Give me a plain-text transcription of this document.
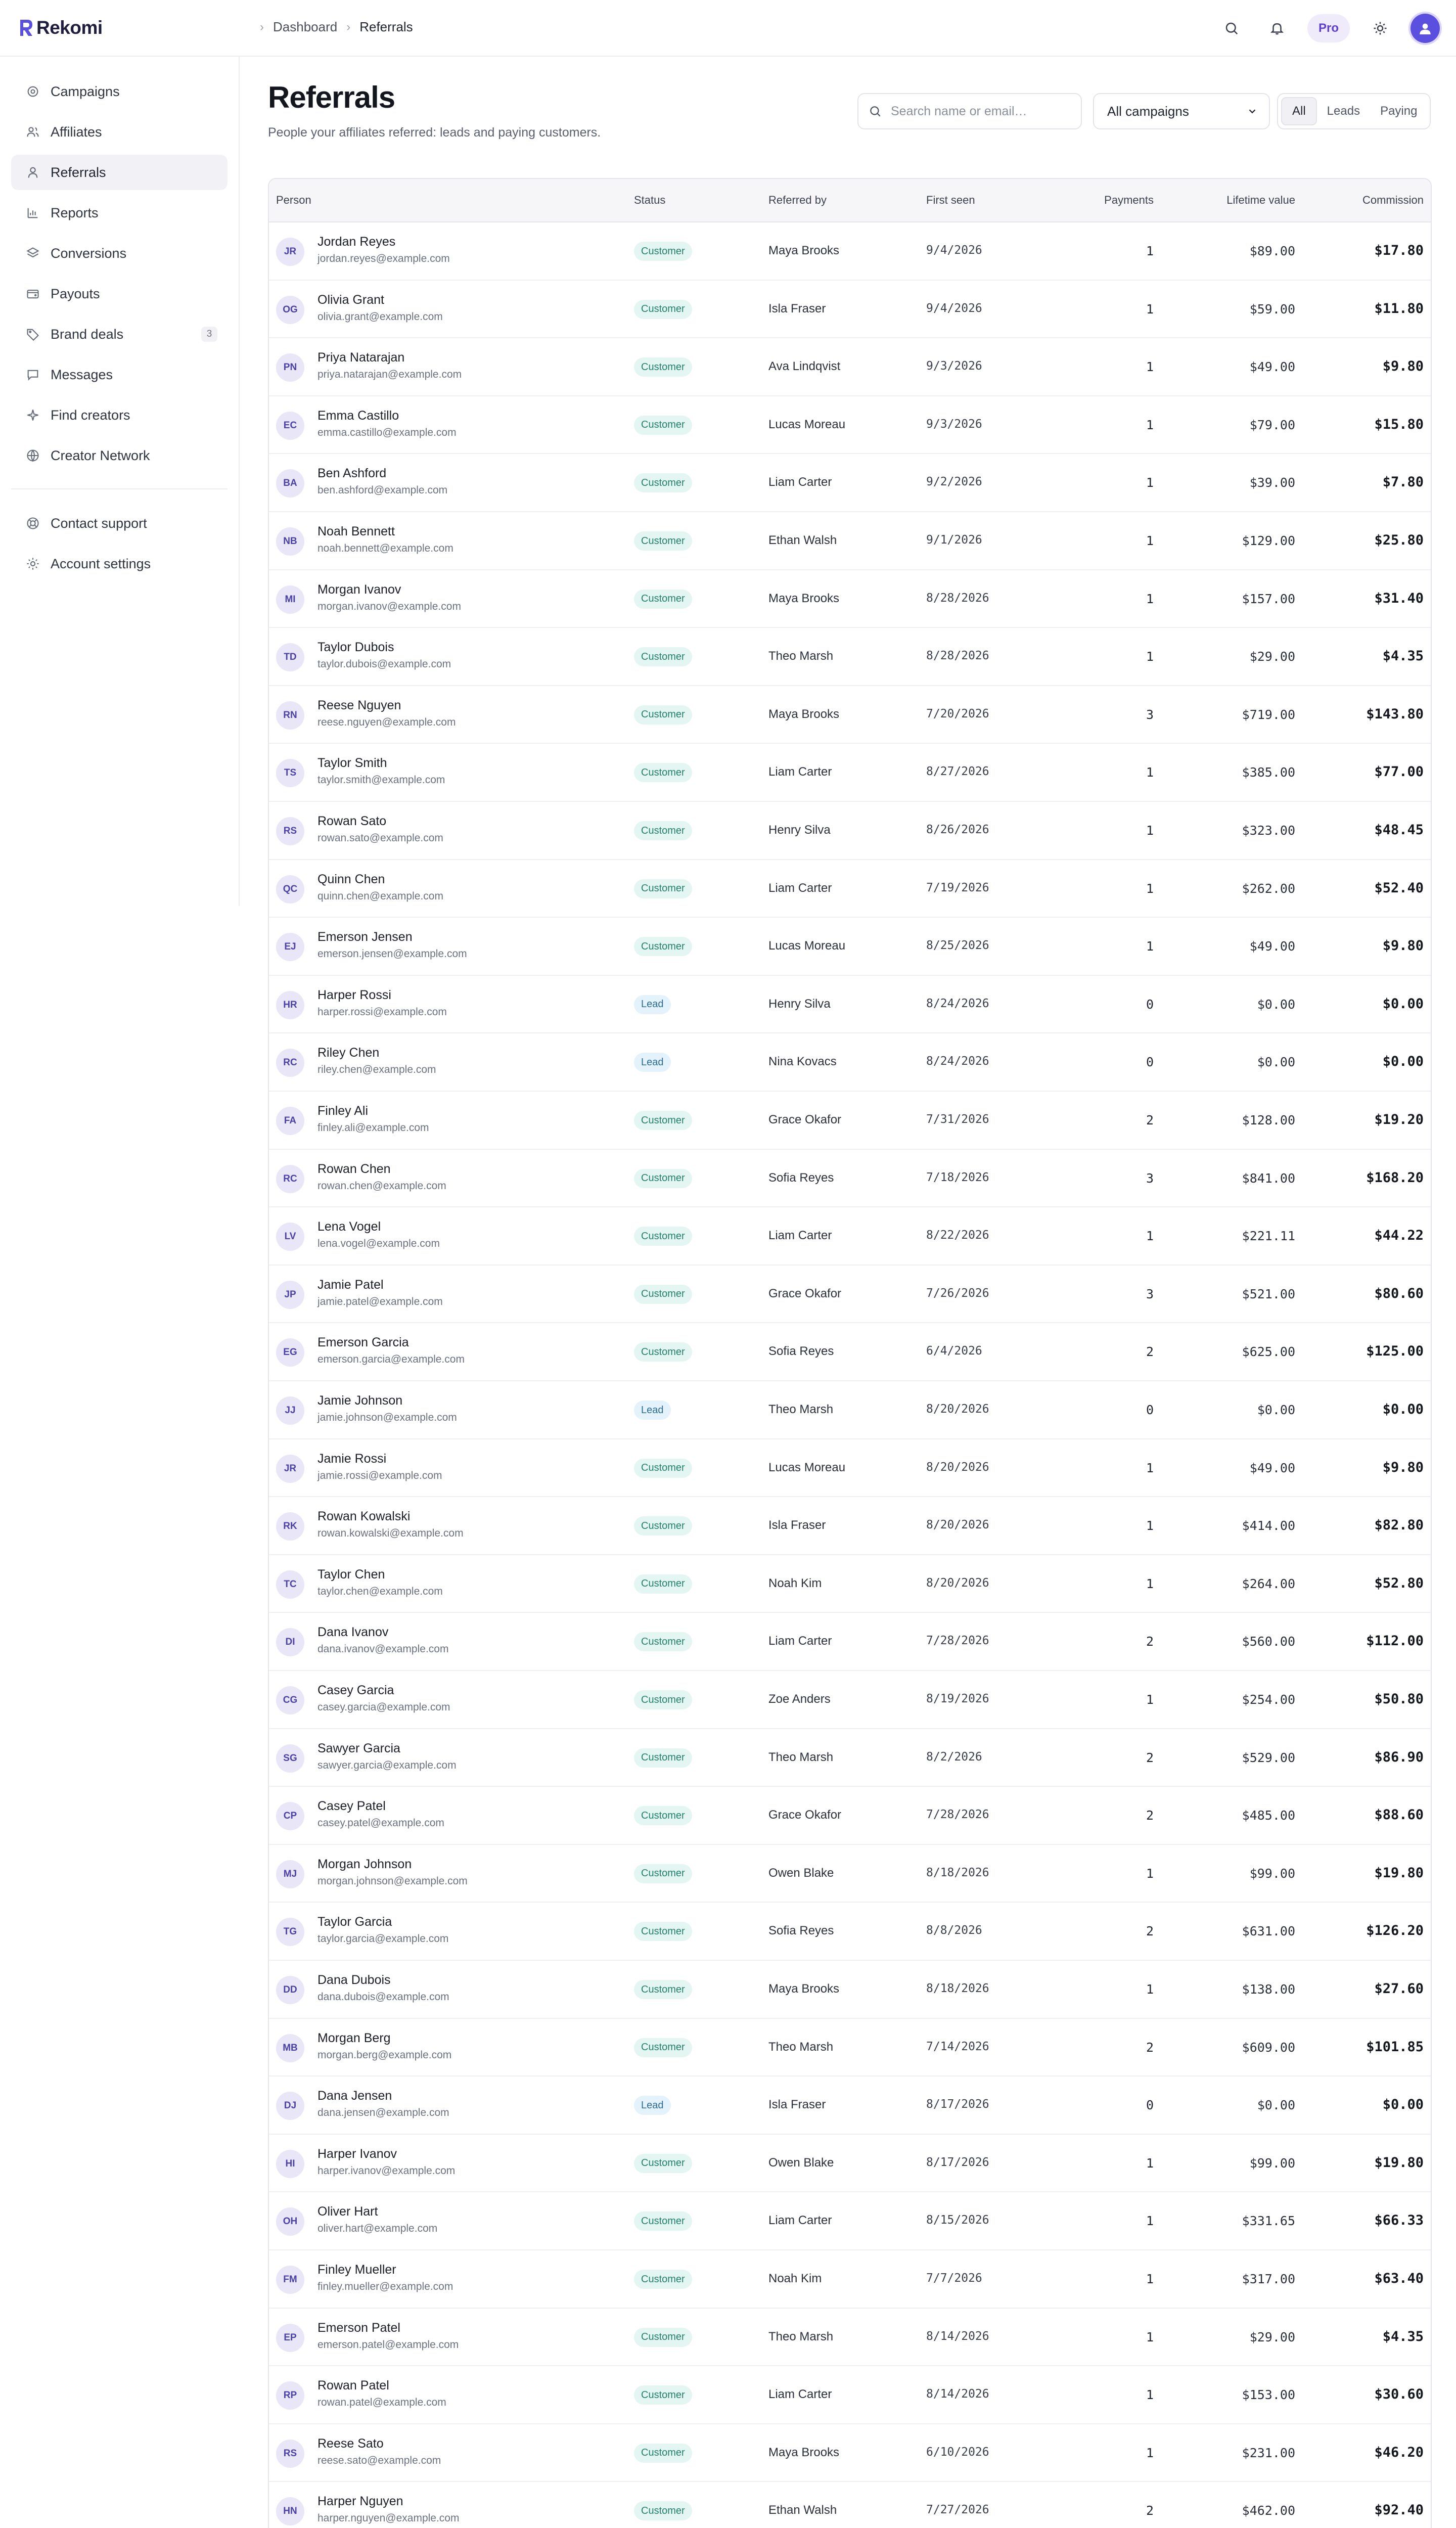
Rekomi	› Dashboard › Referrals	Pro
Campaigns
Affiliates
Referrals
Reports
Conversions
Payouts
Brand deals	3
Messages
Find creators
Creator Network
Contact support
Account settings
Referrals
People your affiliates referred: leads and paying customers.
Search name or email…
All campaigns	All	Leads	Paying
Person	Status	Referred by	First seen	Payments	Lifetime value	Commission
JR
Jordan Reyes
jordan.reyes@example.com
Customer	Maya Brooks	9/4/2026	1	$89.00	$17.80
OG
Olivia Grant
olivia.grant@example.com
Customer	Isla Fraser	9/4/2026	1	$59.00	$11.80
PN
Priya Natarajan
priya.natarajan@example.com
Customer	Ava Lindqvist	9/3/2026	1	$49.00	$9.80
EC
Emma Castillo
emma.castillo@example.com
Customer	Lucas Moreau	9/3/2026	1	$79.00	$15.80
BA
Ben Ashford
ben.ashford@example.com
Customer	Liam Carter	9/2/2026	1	$39.00	$7.80
NB
Noah Bennett
noah.bennett@example.com
Customer	Ethan Walsh	9/1/2026	1	$129.00	$25.80
MI
Morgan Ivanov
morgan.ivanov@example.com
Customer	Maya Brooks	8/28/2026	1	$157.00	$31.40
TD
Taylor Dubois
taylor.dubois@example.com
Customer	Theo Marsh	8/28/2026	1	$29.00	$4.35
RN
Reese Nguyen
reese.nguyen@example.com
Customer	Maya Brooks	7/20/2026	3	$719.00	$143.80
TS
Taylor Smith
taylor.smith@example.com
Customer	Liam Carter	8/27/2026	1	$385.00	$77.00
RS
Rowan Sato
rowan.sato@example.com
Customer	Henry Silva	8/26/2026	1	$323.00	$48.45
QC
Quinn Chen
quinn.chen@example.com
Customer	Liam Carter	7/19/2026	1	$262.00	$52.40
EJ
Emerson Jensen
emerson.jensen@example.com
Customer	Lucas Moreau	8/25/2026	1	$49.00	$9.80
HR
Harper Rossi
harper.rossi@example.com
Lead	Henry Silva	8/24/2026	0	$0.00	$0.00
RC
Riley Chen
riley.chen@example.com
Lead	Nina Kovacs	8/24/2026	0	$0.00	$0.00
FA
Finley Ali
finley.ali@example.com
Customer	Grace Okafor	7/31/2026	2	$128.00	$19.20
RC
Rowan Chen
rowan.chen@example.com
Customer	Sofia Reyes	7/18/2026	3	$841.00	$168.20
LV
Lena Vogel
lena.vogel@example.com
Customer	Liam Carter	8/22/2026	1	$221.11	$44.22
JP
Jamie Patel
jamie.patel@example.com
Customer	Grace Okafor	7/26/2026	3	$521.00	$80.60
EG
Emerson Garcia
emerson.garcia@example.com
Customer	Sofia Reyes	6/4/2026	2	$625.00	$125.00
JJ
Jamie Johnson
jamie.johnson@example.com
Lead	Theo Marsh	8/20/2026	0	$0.00	$0.00
JR
Jamie Rossi
jamie.rossi@example.com
Customer	Lucas Moreau	8/20/2026	1	$49.00	$9.80
RK
Rowan Kowalski
rowan.kowalski@example.com
Customer	Isla Fraser	8/20/2026	1	$414.00	$82.80
TC
Taylor Chen
taylor.chen@example.com
Customer	Noah Kim	8/20/2026	1	$264.00	$52.80
DI
Dana Ivanov
dana.ivanov@example.com
Customer	Liam Carter	7/28/2026	2	$560.00	$112.00
CG
Casey Garcia
casey.garcia@example.com
Customer	Zoe Anders	8/19/2026	1	$254.00	$50.80
SG
Sawyer Garcia
sawyer.garcia@example.com
Customer	Theo Marsh	8/2/2026	2	$529.00	$86.90
CP
Casey Patel
casey.patel@example.com
Customer	Grace Okafor	7/28/2026	2	$485.00	$88.60
MJ
Morgan Johnson
morgan.johnson@example.com
Customer	Owen Blake	8/18/2026	1	$99.00	$19.80
TG
Taylor Garcia
taylor.garcia@example.com
Customer	Sofia Reyes	8/8/2026	2	$631.00	$126.20
DD
Dana Dubois
dana.dubois@example.com
Customer	Maya Brooks	8/18/2026	1	$138.00	$27.60
MB
Morgan Berg
morgan.berg@example.com
Customer	Theo Marsh	7/14/2026	2	$609.00	$101.85
DJ
Dana Jensen
dana.jensen@example.com
Lead	Isla Fraser	8/17/2026	0	$0.00	$0.00
HI
Harper Ivanov
harper.ivanov@example.com
Customer	Owen Blake	8/17/2026	1	$99.00	$19.80
OH
Oliver Hart
oliver.hart@example.com
Customer	Liam Carter	8/15/2026	1	$331.65	$66.33
FM
Finley Mueller
finley.mueller@example.com
Customer	Noah Kim	7/7/2026	1	$317.00	$63.40
EP
Emerson Patel
emerson.patel@example.com
Customer	Theo Marsh	8/14/2026	1	$29.00	$4.35
RP
Rowan Patel
rowan.patel@example.com
Customer	Liam Carter	8/14/2026	1	$153.00	$30.60
RS
Reese Sato
reese.sato@example.com
Customer	Maya Brooks	6/10/2026	1	$231.00	$46.20
HN
Harper Nguyen
harper.nguyen@example.com
Customer	Ethan Walsh	7/27/2026	2	$462.00	$92.40
